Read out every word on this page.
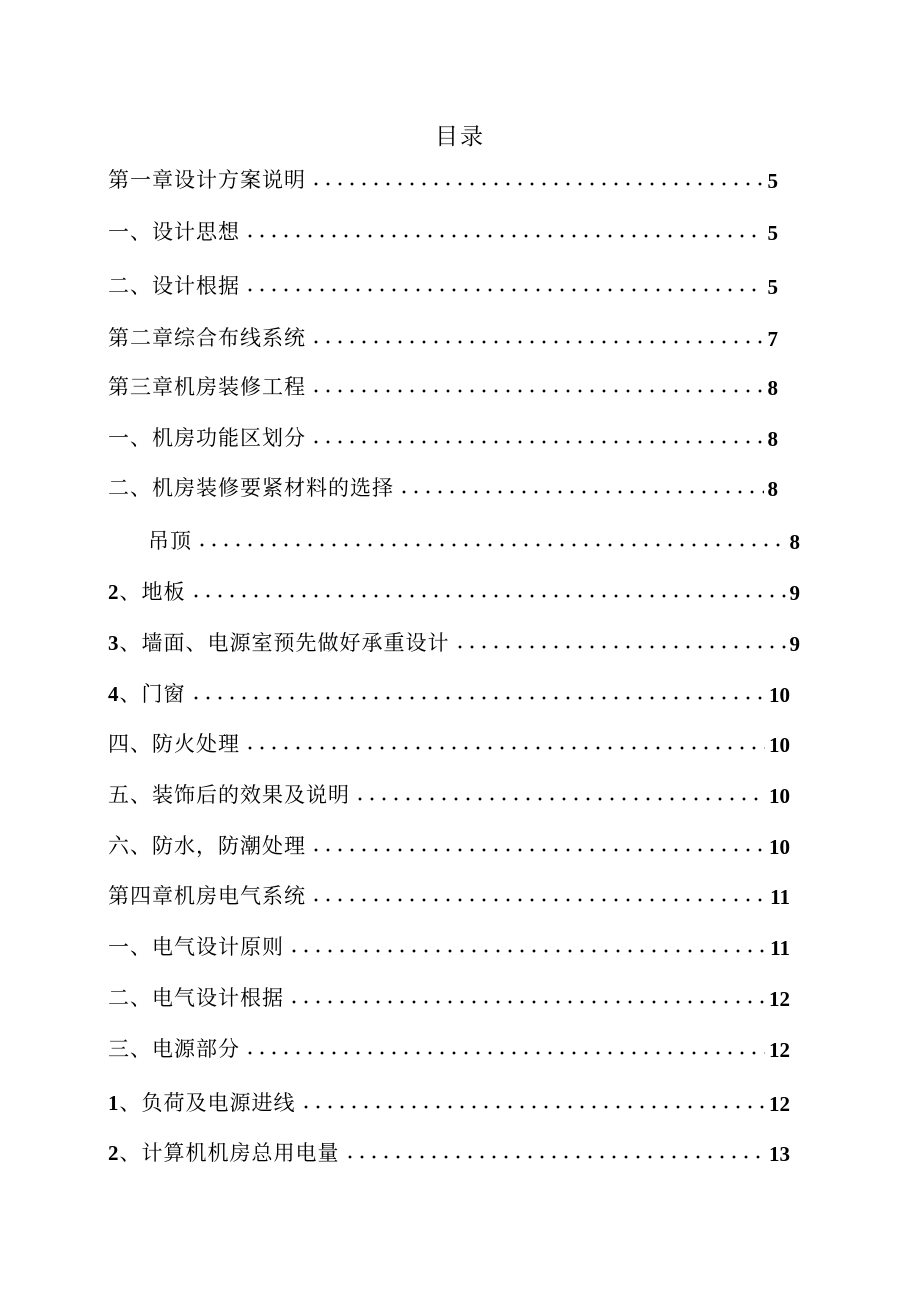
目录
第一章设计方案说明	5
一、设计思想	5
二、设计根据	5
第二章综合布线系统	7
第三章机房装修工程	8
一、机房功能区划分	8
二、机房装修要紧材料的选择	8
吊顶	8
2、地板	9
3、墙面、电源室预先做好承重设计	9
4、门窗	10
四、防火处理	10
五、装饰后的效果及说明	10
六、防水，防潮处理	10
第四章机房电气系统	11
一、电气设计原则	11
二、电气设计根据	12
三、电源部分	12
1、负荷及电源进线	12
2、计算机机房总用电量	13
